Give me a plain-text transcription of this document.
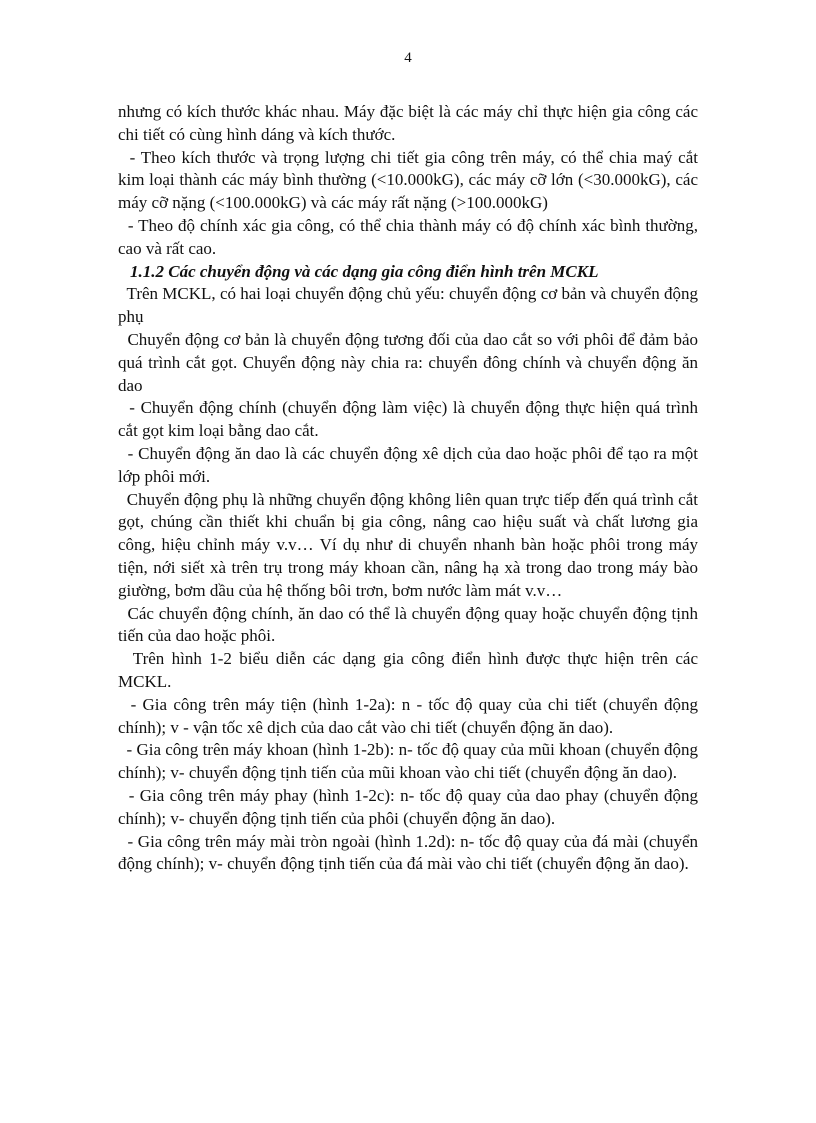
4

nhưng có kích thước khác nhau. Máy đặc biệt là các máy chỉ thực hiện gia công các chi tiết có cùng hình dáng và kích thước.

- Theo kích thước và trọng lượng chi tiết gia công trên máy, có thể chia maý cắt kim loại thành các máy bình thường (<10.000kG), các máy cỡ lớn (<30.000kG), các máy cỡ nặng (<100.000kG) và các máy rất nặng (>100.000kG)

- Theo độ chính xác gia công, có thể chia thành máy có độ chính xác bình thường, cao và rất cao.

1.1.2 Các chuyển động và các dạng gia công điển hình trên MCKL

Trên MCKL, có hai loại chuyển động chủ yếu: chuyển động cơ bản và chuyển động phụ

Chuyển động cơ bản là chuyển động tương đối của dao cắt so với phôi để đảm bảo quá trình cắt gọt. Chuyển động này chia ra: chuyển đông chính và chuyển động ăn dao

- Chuyển động chính (chuyển động làm việc) là chuyển động thực hiện quá trình cắt gọt kim loại bằng dao cắt.

- Chuyển động ăn dao là các chuyển động xê dịch của dao hoặc phôi để tạo ra một lớp phôi mới.

Chuyển động phụ là những chuyển động không liên quan trực tiếp đến quá trình cắt gọt, chúng cần thiết khi chuẩn bị gia công, nâng cao hiệu suất và chất lương gia công, hiệu chỉnh máy v.v… Ví dụ như di chuyển nhanh bàn hoặc phôi trong máy tiện, nới siết xà trên trụ trong máy khoan cần, nâng hạ xà trong dao trong máy bào giường, bơm dầu của hệ thống bôi trơn, bơm nước làm mát v.v…

Các chuyển động chính, ăn dao có thể là chuyển động quay hoặc chuyển động tịnh tiến của dao hoặc phôi.

Trên hình 1-2 biểu diễn các dạng gia công điển hình được thực hiện trên các MCKL.

- Gia công trên máy tiện (hình 1-2a): n - tốc độ quay của chi tiết (chuyển động chính); v - vận tốc xê dịch của dao cắt vào chi tiết (chuyển động ăn dao).

- Gia công trên máy khoan (hình 1-2b): n- tốc độ quay của mũi khoan (chuyển động chính); v- chuyển động tịnh tiến của mũi khoan vào chi tiết (chuyển động ăn dao).

- Gia công trên máy phay (hình 1-2c): n- tốc độ quay của dao phay (chuyển động chính); v- chuyển động tịnh tiến của phôi (chuyển động ăn dao).

- Gia công trên máy mài tròn ngoài (hình 1.2d): n- tốc độ quay của đá mài (chuyển động chính); v- chuyển động tịnh tiến của đá mài vào chi tiết (chuyển động ăn dao).
